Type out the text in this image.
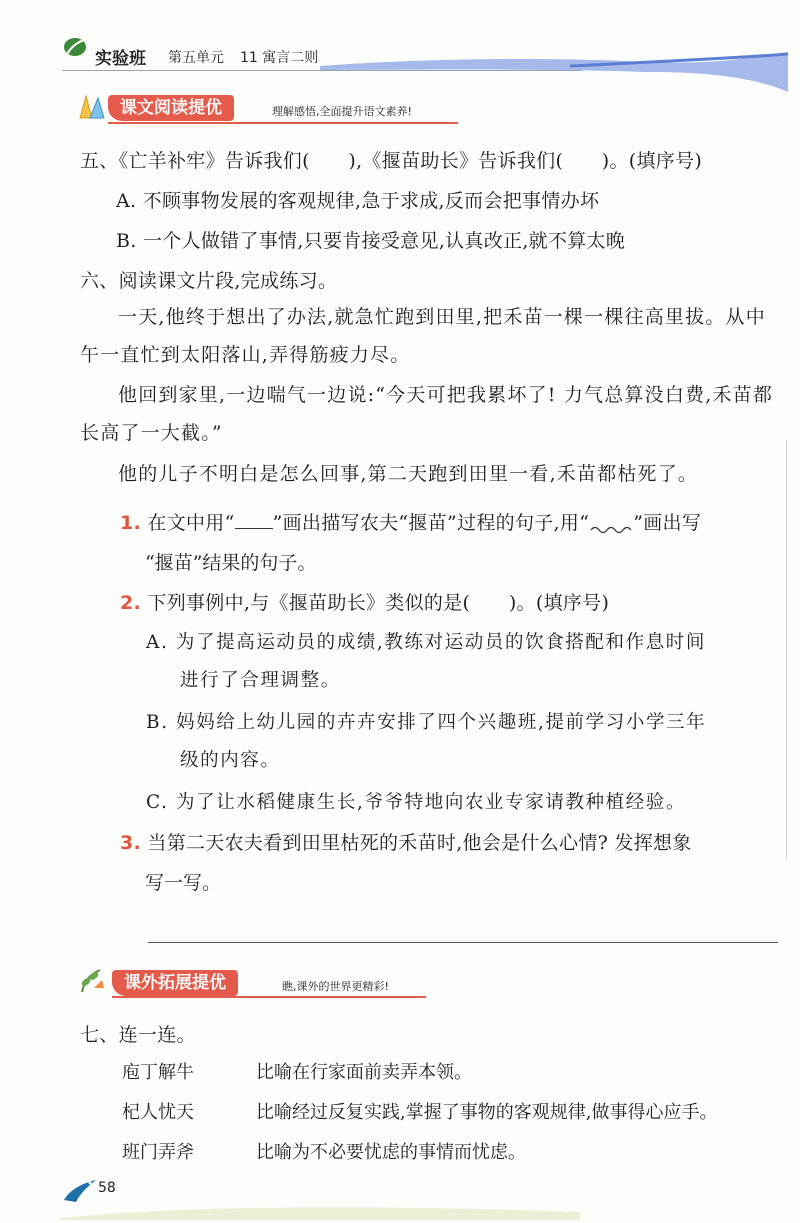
实验班 第五单元 11 寓言二则
课文阅读提优	理解感悟,全面提升语文素养!
五、《亡羊补牢》告诉我们(　　),《揠苗助长》告诉我们(　　)。(填序号)
A. 不顾事物发展的客观规律,急于求成,反而会把事情办坏
B. 一个人做错了事情,只要肯接受意见,认真改正,就不算太晚
六、阅读课文片段,完成练习。
一天,他终于想出了办法,就急忙跑到田里,把禾苗一棵一棵往高里拔。从中午一直忙到太阳落山,弄得筋疲力尽。
他回到家里,一边喘气一边说:“今天可把我累坏了! 力气总算没白费,禾苗都长高了一大截。”
他的儿子不明白是怎么回事,第二天跑到田里一看,禾苗都枯死了。
1. 在文中用“ ”画出描写农夫“揠苗”过程的句子,用“ ”画出写
“揠苗”结果的句子。
2. 下列事例中,与《揠苗助长》类似的是(　　)。(填序号)
A. 为了提高运动员的成绩,教练对运动员的饮食搭配和作息时间
进行了合理调整。
B. 妈妈给上幼儿园的卉卉安排了四个兴趣班,提前学习小学三年
级的内容。
C. 为了让水稻健康生长,爷爷特地向农业专家请教种植经验。
3. 当第二天农夫看到田里枯死的禾苗时,他会是什么心情? 发挥想象
写一写。
课外拓展提优	瞧,课外的世界更精彩!
七、连一连。
庖丁解牛	比喻在行家面前卖弄本领。
杞人忧天	比喻经过反复实践,掌握了事物的客观规律,做事得心应手。
班门弄斧	比喻为不必要忧虑的事情而忧虑。
58
